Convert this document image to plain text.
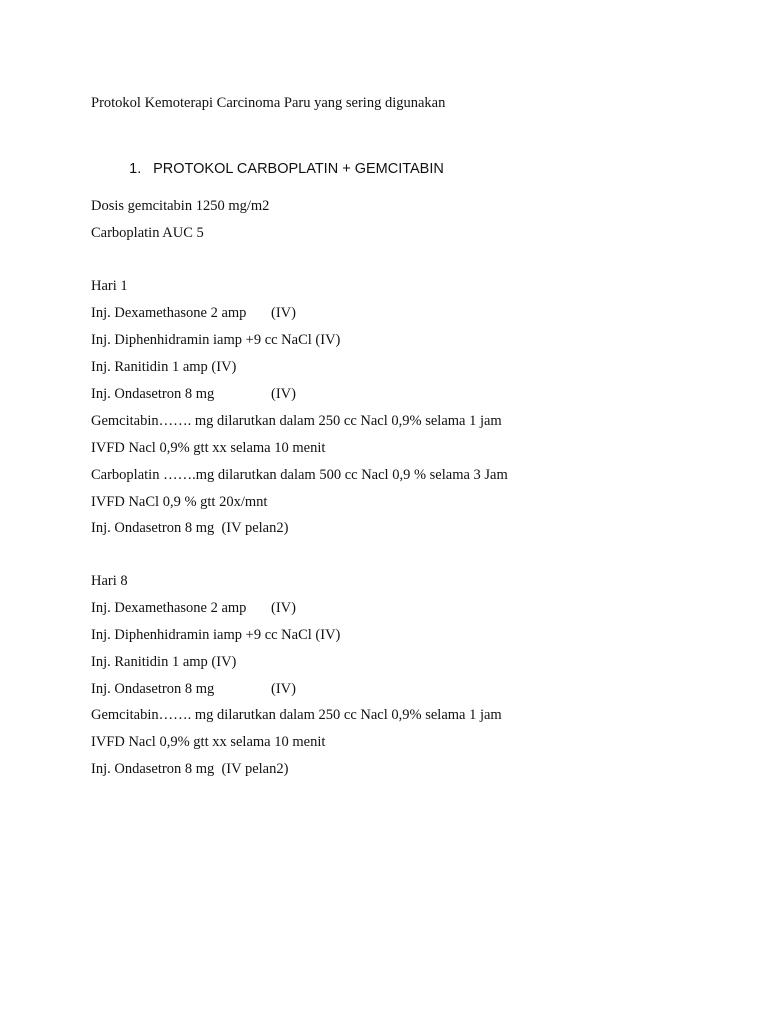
Protokol Kemoterapi Carcinoma Paru yang sering digunakan

1. PROTOKOL CARBOPLATIN + GEMCITABIN

Dosis gemcitabin 1250 mg/m2
Carboplatin AUC 5
Hari 1
Inj. Dexamethasone 2 amp (IV)
Inj. Diphenhidramin iamp +9 cc NaCl (IV)
Inj. Ranitidin 1 amp (IV)
Inj. Ondasetron 8 mg	(IV)
Gemcitabin……. mg dilarutkan dalam 250 cc Nacl 0,9% selama 1 jam
IVFD Nacl 0,9% gtt xx selama 10 menit
Carboplatin …….mg dilarutkan dalam 500 cc Nacl 0,9 % selama 3 Jam
IVFD NaCl 0,9 % gtt 20x/mnt
Inj. Ondasetron 8 mg  (IV pelan2)
Hari 8
Inj. Dexamethasone 2 amp (IV)
Inj. Diphenhidramin iamp +9 cc NaCl (IV)
Inj. Ranitidin 1 amp (IV)
Inj. Ondasetron 8 mg	(IV)
Gemcitabin……. mg dilarutkan dalam 250 cc Nacl 0,9% selama 1 jam
IVFD Nacl 0,9% gtt xx selama 10 menit
Inj. Ondasetron 8 mg  (IV pelan2)
